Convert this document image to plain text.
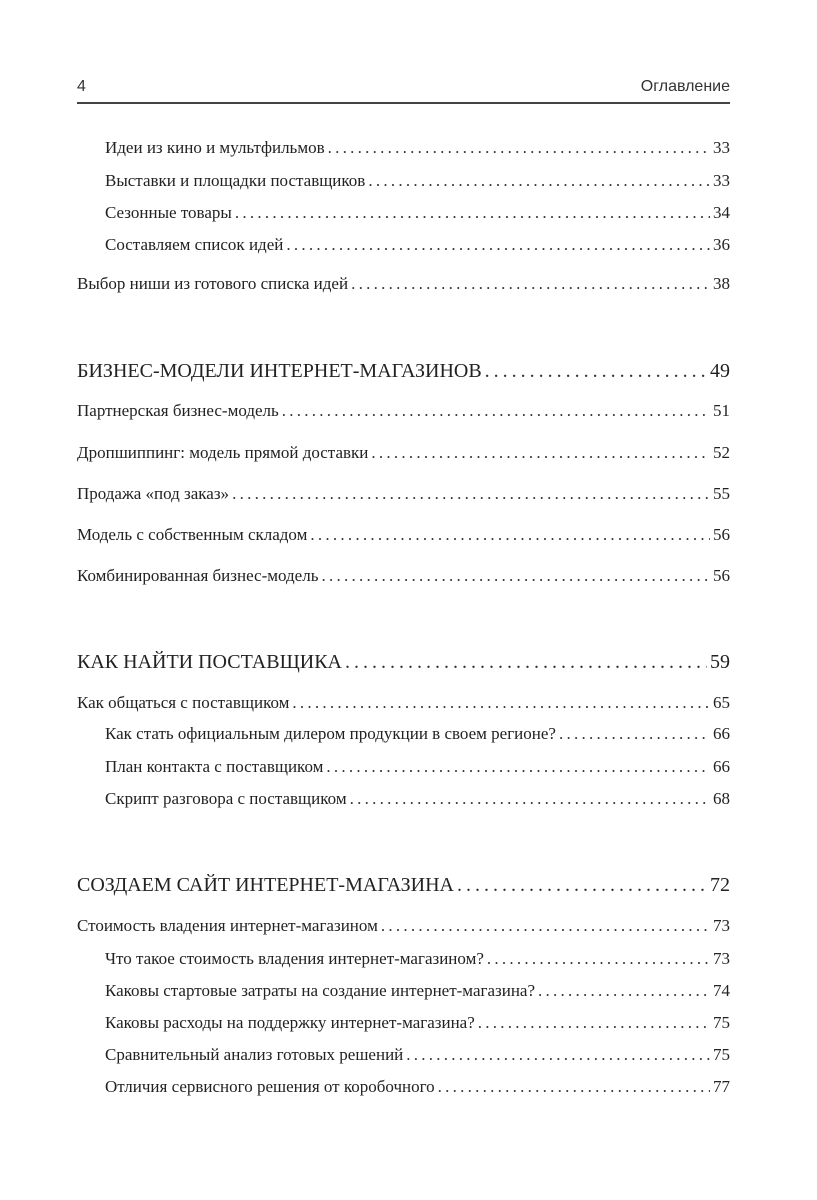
4	Оглавление
Идеи из кино и мультфильмов . . .	33
Выставки и площадки поставщиков . . .	33
Сезонные товары . . .	34
Составляем список идей . . .	36
Выбор ниши из готового списка идей . . .	38
БИЗНЕС-МОДЕЛИ ИНТЕРНЕТ-МАГАЗИНОВ . . .	49
Партнерская бизнес-модель . . .	51
Дропшиппинг: модель прямой доставки . . .	52
Продажа «под заказ» . . .	55
Модель с собственным складом . . .	56
Комбинированная бизнес-модель . . .	56
КАК НАЙТИ ПОСТАВЩИКА . . .	59
Как общаться с поставщиком . . .	65
Как стать официальным дилером продукции в своем регионе? . . .	66
План контакта с поставщиком . . .	66
Скрипт разговора с поставщиком . . .	68
СОЗДАЕМ САЙТ ИНТЕРНЕТ-МАГАЗИНА . . .	72
Стоимость владения интернет-магазином . . .	73
Что такое стоимость владения интернет-магазином? . . .	73
Каковы стартовые затраты на создание интернет-магазина? . . .	74
Каковы расходы на поддержку интернет-магазина? . . .	75
Сравнительный анализ готовых решений . . .	75
Отличия сервисного решения от коробочного . . .	77
